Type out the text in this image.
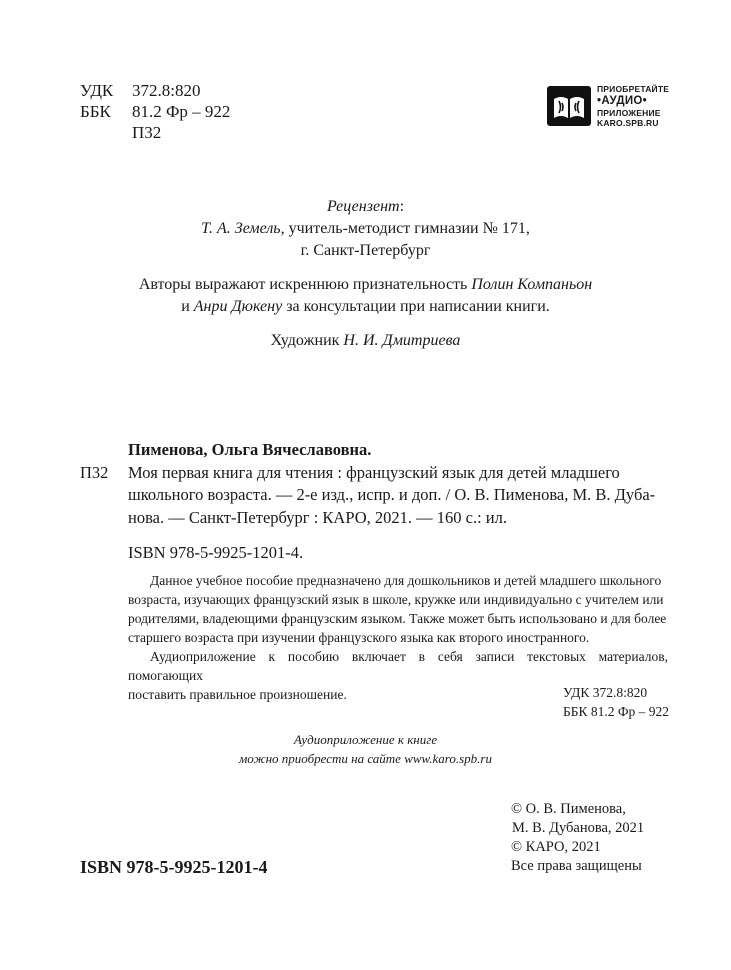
УДК	372.8:820
ББК	81.2 Фр – 922
П32
ПРИОБРЕТАЙТЕ
•АУДИО•
ПРИЛОЖЕНИЕ
KARO.SPB.RU
Рецензент:
Т. А. Земель, учитель-методист гимназии № 171,
г. Санкт-Петербург
Авторы выражают искреннюю признательность Полин Компаньон
и Анри Дюкену за консультации при написании книги.
Художник Н. И. Дмитриева
Пименова, Ольга Вячеславовна.
П32	Моя первая книга для чтения : французский язык для детей младшего
школьного возраста. — 2-е изд., испр. и доп. / О. В. Пименова, М. В. Дуба-
нова. — Санкт-Петербург : КАРО, 2021. — 160 с.: ил.
ISBN 978-5-9925-1201-4.

Данное учебное пособие предназначено для дошкольников и детей младшего школьного

возраста, изучающих французский язык в школе, кружке или индивидуально с учителем или
родителями, владеющими французским языком. Также может быть использовано и для более
старшего возраста при изучении французского языка как второго иностранного.

Аудиоприложение к пособию включает в себя записи текстовых материалов, помогающих

поставить правильное произношение.	УДК 372.8:820
ББК 81.2 Фр – 922
Аудиоприложение к книге
можно приобрести на сайте www.karo.spb.ru
© О. В. Пименова,
М. В. Дубанова, 2021
© КАРО, 2021
Все права защищены
ISBN 978-5-9925-1201-4
